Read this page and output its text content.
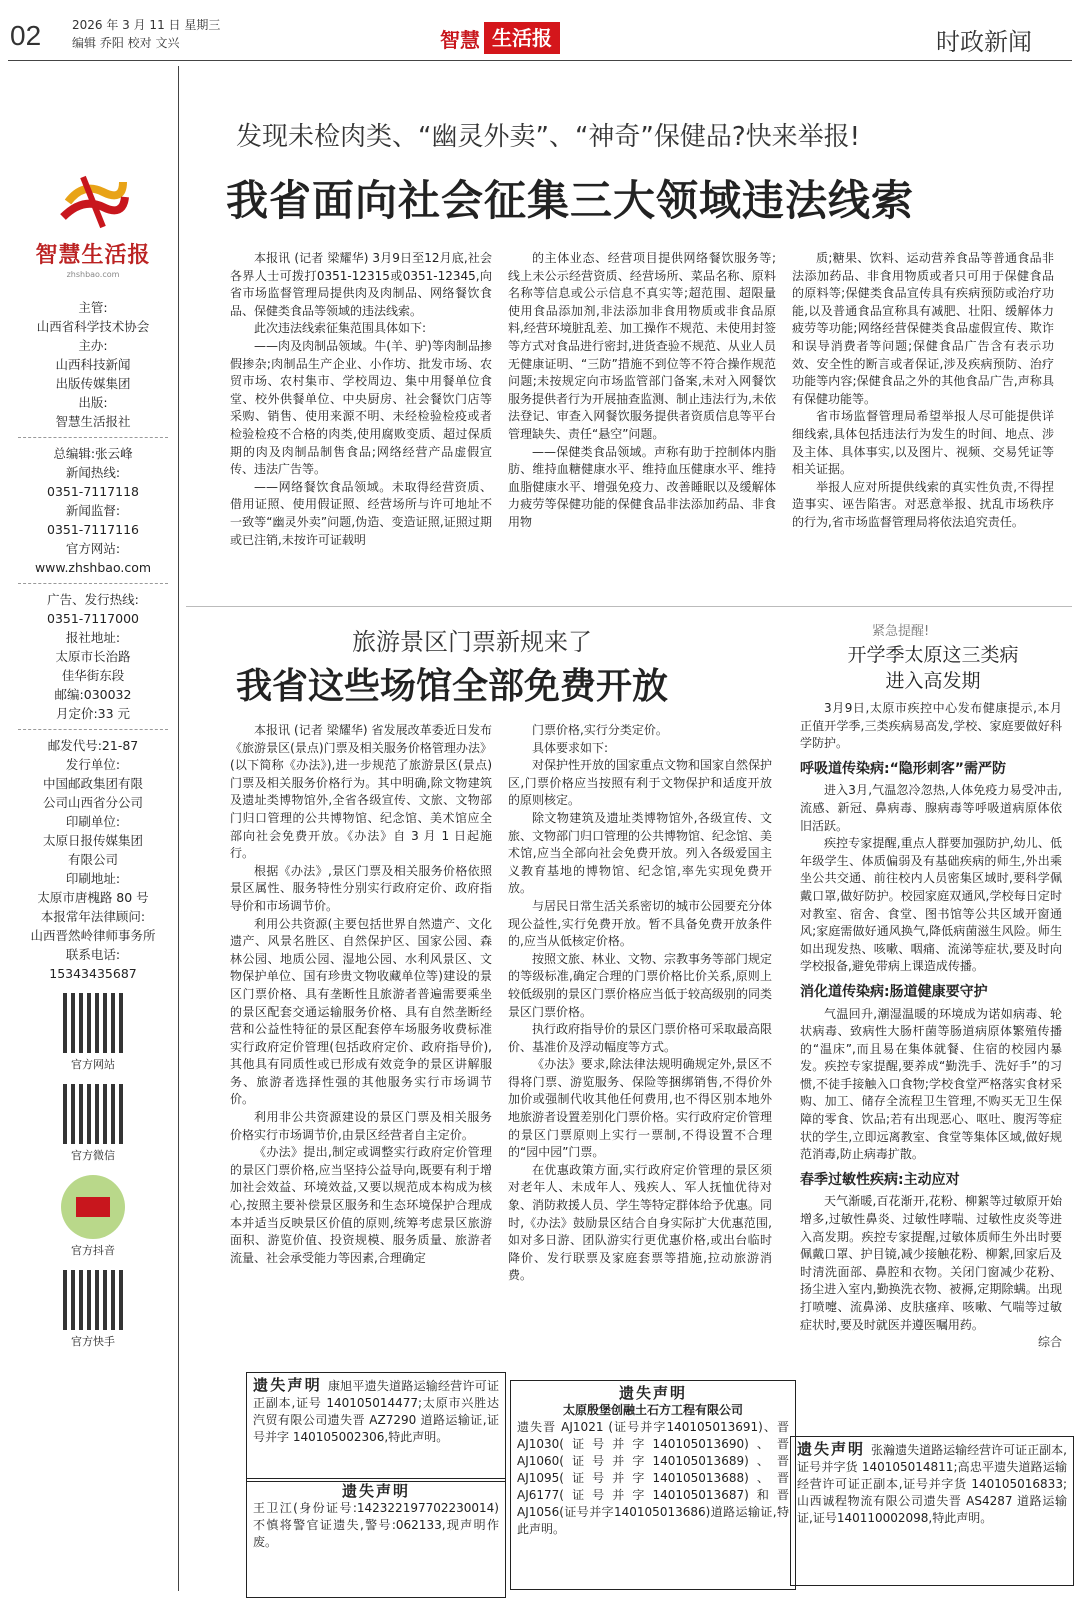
02	2026 年 3 月 11 日 星期三
编辑 乔阳 校对 文兴	智慧 生活报	时政新闻
智慧生活报
zhshbao.com
主管:
山西省科学技术协会
主办:
山西科技新闻
出版传媒集团
出版:
智慧生活报社
总编辑:张云峰
新闻热线:
0351-7117118
新闻监督:
0351-7117116
官方网站:
www.zhshbao.com
广告、发行热线:
0351-7117000
报社地址:
太原市长治路
佳华街东段
邮编:030032
月定价:33 元
邮发代号:21-87
发行单位:
中国邮政集团有限
公司山西省分公司
印刷单位:
太原日报传媒集团
有限公司
印刷地址:
太原市唐槐路 80 号
本报常年法律顾问:
山西晋然岭律师事务所
联系电话:
15343435687
官方网站
官方微信
官方抖音
官方快手
发现未检肉类、“幽灵外卖”、“神奇”保健品?快来举报!
我省面向社会征集三大领域违法线索

本报讯 (记者 梁耀华) 3月9日至12月底,社会各界人士可拨打0351-12315或0351-12345,向省市场监督管理局提供肉及肉制品、网络餐饮食品、保健类食品等领域的违法线索。

此次违法线索征集范围具体如下:

——肉及肉制品领域。牛(羊、驴)等肉制品掺假掺杂;肉制品生产企业、小作坊、批发市场、农贸市场、农村集市、学校周边、集中用餐单位食堂、校外供餐单位、中央厨房、社会餐饮门店等采购、销售、使用来源不明、未经检验检疫或者检验检疫不合格的肉类,使用腐败变质、超过保质期的肉及肉制品制售食品;网络经营产品虚假宣传、违法广告等。

——网络餐饮食品领域。未取得经营资质、借用证照、使用假证照、经营场所与许可地址不一致等“幽灵外卖”问题,伪造、变造证照,证照过期或已注销,未按许可证载明

的主体业态、经营项目提供网络餐饮服务等;线上未公示经营资质、经营场所、菜品名称、原料名称等信息或公示信息不真实等;超范围、超限量使用食品添加剂,非法添加非食用物质或非食品原料,经营环境脏乱差、加工操作不规范、未使用封签等方式对食品进行密封,进货查验不规范、从业人员无健康证明、“三防”措施不到位等不符合操作规范问题;未按规定向市场监管部门备案,未对入网餐饮服务提供者行为开展抽查监测、制止违法行为,未依法登记、审查入网餐饮服务提供者资质信息等平台管理缺失、责任“悬空”问题。

——保健类食品领域。声称有助于控制体内脂肪、维持血糖健康水平、维持血压健康水平、维持血脂健康水平、增强免疫力、改善睡眠以及缓解体力疲劳等保健功能的保健食品非法添加药品、非食用物

质;糖果、饮料、运动营养食品等普通食品非法添加药品、非食用物质或者只可用于保健食品的原料等;保健类食品宣传具有疾病预防或治疗功能,以及普通食品宣称具有减肥、壮阳、缓解体力疲劳等功能;网络经营保健类食品虚假宣传、欺诈和误导消费者等问题;保健食品广告含有表示功效、安全性的断言或者保证,涉及疾病预防、治疗功能等内容;保健食品之外的其他食品广告,声称具有保健功能等。

省市场监督管理局希望举报人尽可能提供详细线索,具体包括违法行为发生的时间、地点、涉及主体、具体事实,以及图片、视频、交易凭证等相关证据。

举报人应对所提供线索的真实性负责,不得捏造事实、诬告陷害。对恶意举报、扰乱市场秩序的行为,省市场监督管理局将依法追究责任。

旅游景区门票新规来了
我省这些场馆全部免费开放

本报讯 (记者 梁耀华) 省发展改革委近日发布《旅游景区(景点)门票及相关服务价格管理办法》(以下简称《办法》),进一步规范了旅游景区(景点)门票及相关服务价格行为。其中明确,除文物建筑及遗址类博物馆外,全省各级宣传、文旅、文物部门归口管理的公共博物馆、纪念馆、美术馆应全部向社会免费开放。《办法》自 3 月 1 日起施行。

根据《办法》,景区门票及相关服务价格依照景区属性、服务特性分别实行政府定价、政府指导价和市场调节价。

利用公共资源(主要包括世界自然遗产、文化遗产、风景名胜区、自然保护区、国家公园、森林公园、地质公园、湿地公园、水利风景区、文物保护单位、国有珍贵文物收藏单位等)建设的景区门票价格、具有垄断性且旅游者普遍需要乘坐的景区配套交通运输服务价格、具有自然垄断经营和公益性特征的景区配套停车场服务收费标准实行政府定价管理(包括政府定价、政府指导价),其他具有同质性或已形成有效竞争的景区讲解服务、旅游者选择性强的其他服务实行市场调节价。

利用非公共资源建设的景区门票及相关服务价格实行市场调节价,由景区经营者自主定价。

《办法》提出,制定或调整实行政府定价管理的景区门票价格,应当坚持公益导向,既要有利于增加社会效益、环境效益,又要以规范成本构成为核心,按照主要补偿景区服务和生态环境保护合理成本并适当反映景区价值的原则,统筹考虑景区旅游面积、游览价值、投资规模、服务质量、旅游者流量、社会承受能力等因素,合理确定

门票价格,实行分类定价。

具体要求如下:

对保护性开放的国家重点文物和国家自然保护区,门票价格应当按照有利于文物保护和适度开放的原则核定。

除文物建筑及遗址类博物馆外,各级宣传、文旅、文物部门归口管理的公共博物馆、纪念馆、美术馆,应当全部向社会免费开放。列入各级爱国主义教育基地的博物馆、纪念馆,率先实现免费开放。

与居民日常生活关系密切的城市公园要充分体现公益性,实行免费开放。暂不具备免费开放条件的,应当从低核定价格。

按照文旅、林业、文物、宗教事务等部门规定的等级标准,确定合理的门票价格比价关系,原则上较低级别的景区门票价格应当低于较高级别的同类景区门票价格。

执行政府指导价的景区门票价格可采取最高限价、基准价及浮动幅度等方式。

《办法》要求,除法律法规明确规定外,景区不得将门票、游览服务、保险等捆绑销售,不得价外加价或强制代收其他任何费用,也不得区别本地外地旅游者设置差别化门票价格。实行政府定价管理的景区门票原则上实行一票制,不得设置不合理的“园中园”门票。

在优惠政策方面,实行政府定价管理的景区须对老年人、未成年人、残疾人、军人抚恤优待对象、消防救援人员、学生等特定群体给予优惠。同时,《办法》鼓励景区结合自身实际扩大优惠范围,如对多日游、团队游实行更优惠价格,或出台临时降价、发行联票及家庭套票等措施,拉动旅游消费。

紧急提醒!
开学季太原这三类病
进入高发期

3月9日,太原市疾控中心发布健康提示,本月正值开学季,三类疾病易高发,学校、家庭要做好科学防护。

呼吸道传染病:“隐形刺客”需严防

进入3月,气温忽冷忽热,人体免疫力易受冲击,流感、新冠、鼻病毒、腺病毒等呼吸道病原体依旧活跃。

疾控专家提醒,重点人群要加强防护,幼儿、低年级学生、体质偏弱及有基础疾病的师生,外出乘坐公共交通、前往校内人员密集区域时,要科学佩戴口罩,做好防护。校园家庭双通风,学校每日定时对教室、宿舍、食堂、图书馆等公共区域开窗通风;家庭需做好通风换气,降低病菌滋生风险。师生如出现发热、咳嗽、咽痛、流涕等症状,要及时向学校报备,避免带病上课造成传播。

消化道传染病:肠道健康要守护

气温回升,潮湿温暖的环境成为诺如病毒、轮状病毒、致病性大肠杆菌等肠道病原体繁殖传播的“温床”,而且易在集体就餐、住宿的校园内暴发。疾控专家提醒,要养成“勤洗手、洗好手”的习惯,不徒手接触入口食物;学校食堂严格落实食材采购、加工、储存全流程卫生管理,不购买无卫生保障的零食、饮品;若有出现恶心、呕吐、腹泻等症状的学生,立即远离教室、食堂等集体区域,做好规范消毒,防止病毒扩散。

春季过敏性疾病:主动应对

天气渐暖,百花渐开,花粉、柳絮等过敏原开始增多,过敏性鼻炎、过敏性哮喘、过敏性皮炎等进入高发期。疾控专家提醒,过敏体质师生外出时要佩戴口罩、护目镜,减少接触花粉、柳絮,回家后及时清洗面部、鼻腔和衣物。关闭门窗减少花粉、扬尘进入室内,勤换洗衣物、被褥,定期除螨。出现打喷嚏、流鼻涕、皮肤瘙痒、咳嗽、气喘等过敏症状时,要及时就医并遵医嘱用药。

综合
遗失声明 康旭平遗失道路运输经营许可证正副本,证号 140105014477;太原市兴胜达汽贸有限公司遗失晋 AZ7290 道路运输证,证号并字 140105002306,特此声明。
遗失声明
王卫江(身份证号:142322197702230014) 不慎将警官证遗失,警号:062133,现声明作废。
遗失声明
太原殷堡创融土石方工程有限公司
遗失晋 AJ1021 (证号并字140105013691)、晋 AJ1030(证号并字140105013690)、晋 AJ1060(证号并字140105013689)、晋 AJ1095(证号并字140105013688)、晋 AJ6177(证号并字140105013687)和晋 AJ1056(证号并字140105013686)道路运输证,特此声明。
遗失声明 张瀚遗失道路运输经营许可证正副本,证号并字货 140105014811;高忠平遗失道路运输经营许可证正副本,证号并字货 140105016833;山西诚程物流有限公司遗失晋 AS4287 道路运输证,证号140110002098,特此声明。
